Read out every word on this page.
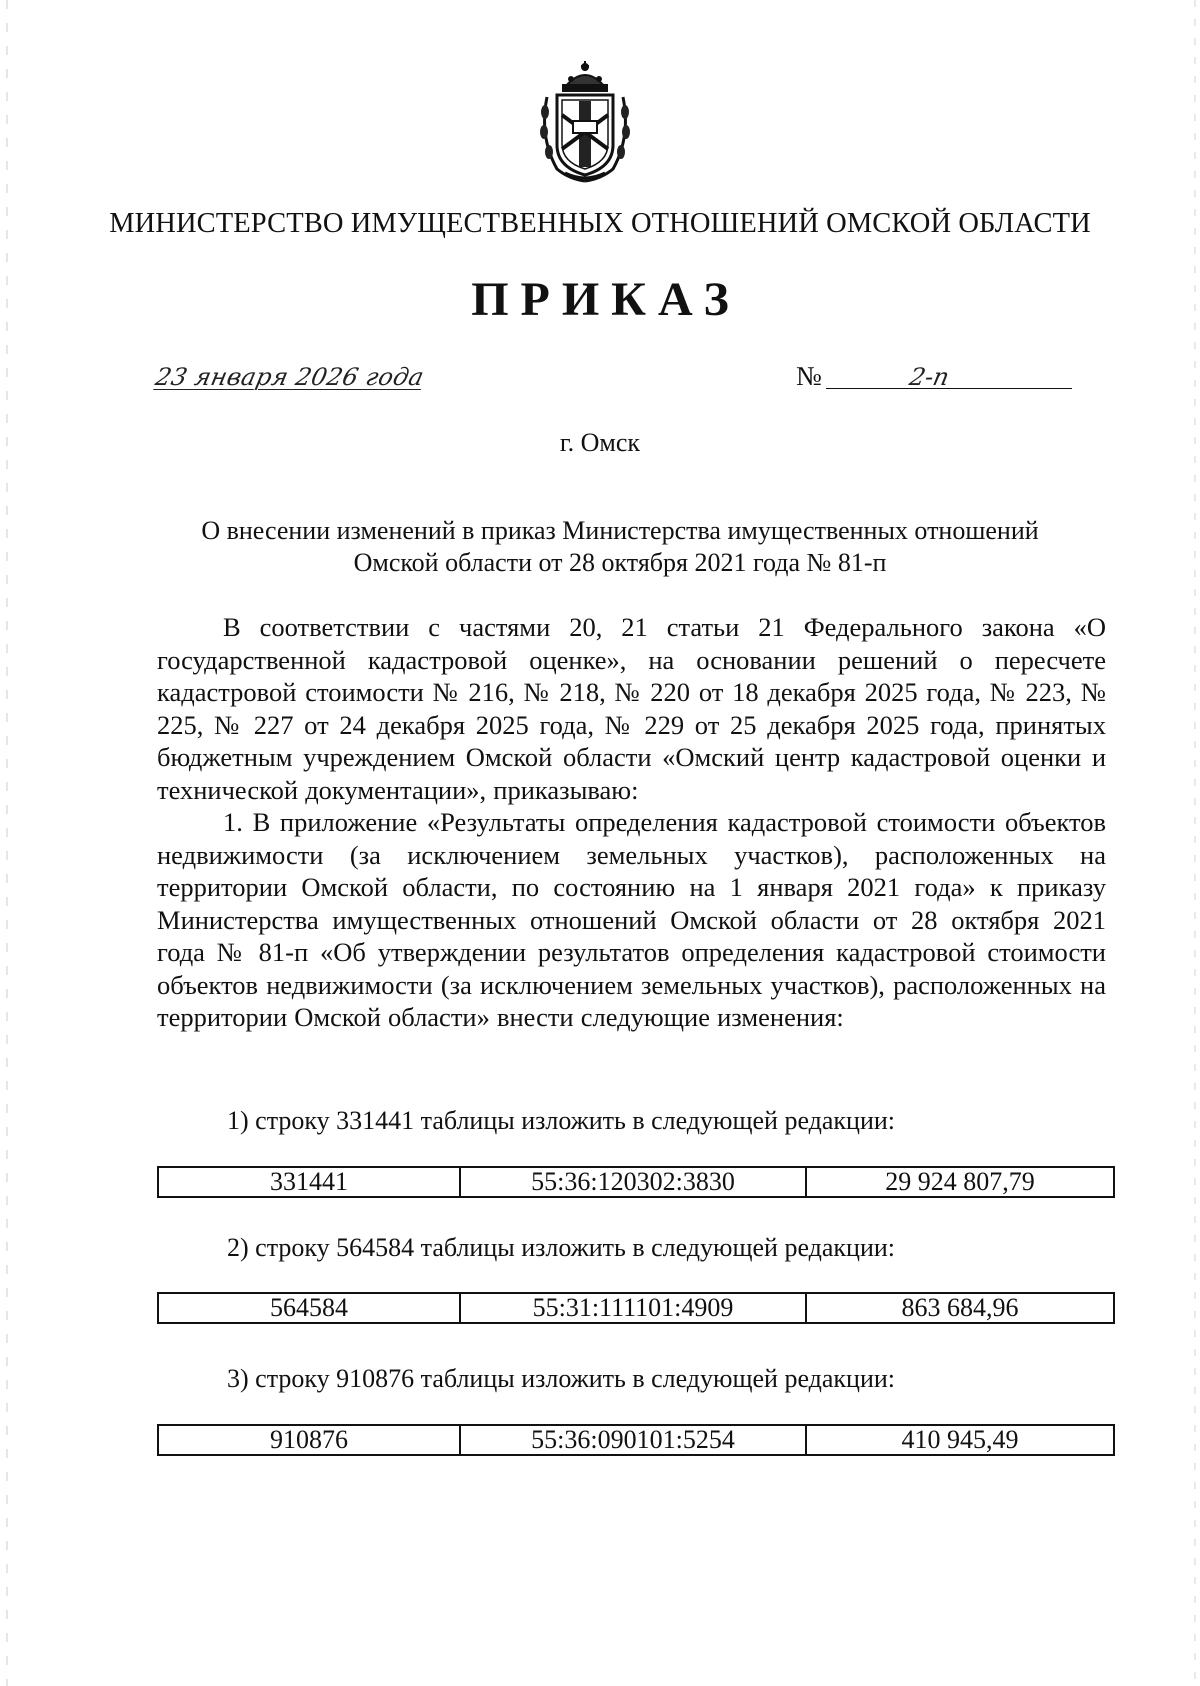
МИНИСТЕРСТВО ИМУЩЕСТВЕННЫХ ОТНОШЕНИЙ ОМСКОЙ ОБЛАСТИ
ПРИКАЗ
23 января 2026 года	№	2-п
г. Омск
О внесении изменений в приказ Министерства имущественных отношений
Омской области от 28 октября 2021 года № 81-п

В соответствии с частями 20, 21 статьи 21 Федерального закона «О государственной кадастровой оценке», на основании решений о пересчете кадастровой стоимости № 216, № 218, № 220 от 18 декабря 2025 года, № 223, № 225, № 227 от 24 декабря 2025 года, № 229 от 25 декабря 2025 года, принятых бюджетным учреждением Омской области «Омский центр кадастровой оценки и технической документации», приказываю:

1. В приложение «Результаты определения кадастровой стоимости объектов недвижимости (за исключением земельных участков), расположенных на территории Омской области, по состоянию на 1 января 2021 года» к приказу Министерства имущественных отношений Омской области от 28 октября 2021 года № 81-п «Об утверждении результатов определения кадастровой стоимости объектов недвижимости (за исключением земельных участков), расположенных на территории Омской области» внести следующие изменения:

1) строку 331441 таблицы изложить в следующей редакции:
331441	55:36:120302:3830	29 924 807,79
2) строку 564584 таблицы изложить в следующей редакции:
564584	55:31:111101:4909	863 684,96
3) строку 910876 таблицы изложить в следующей редакции:
910876	55:36:090101:5254	410 945,49
